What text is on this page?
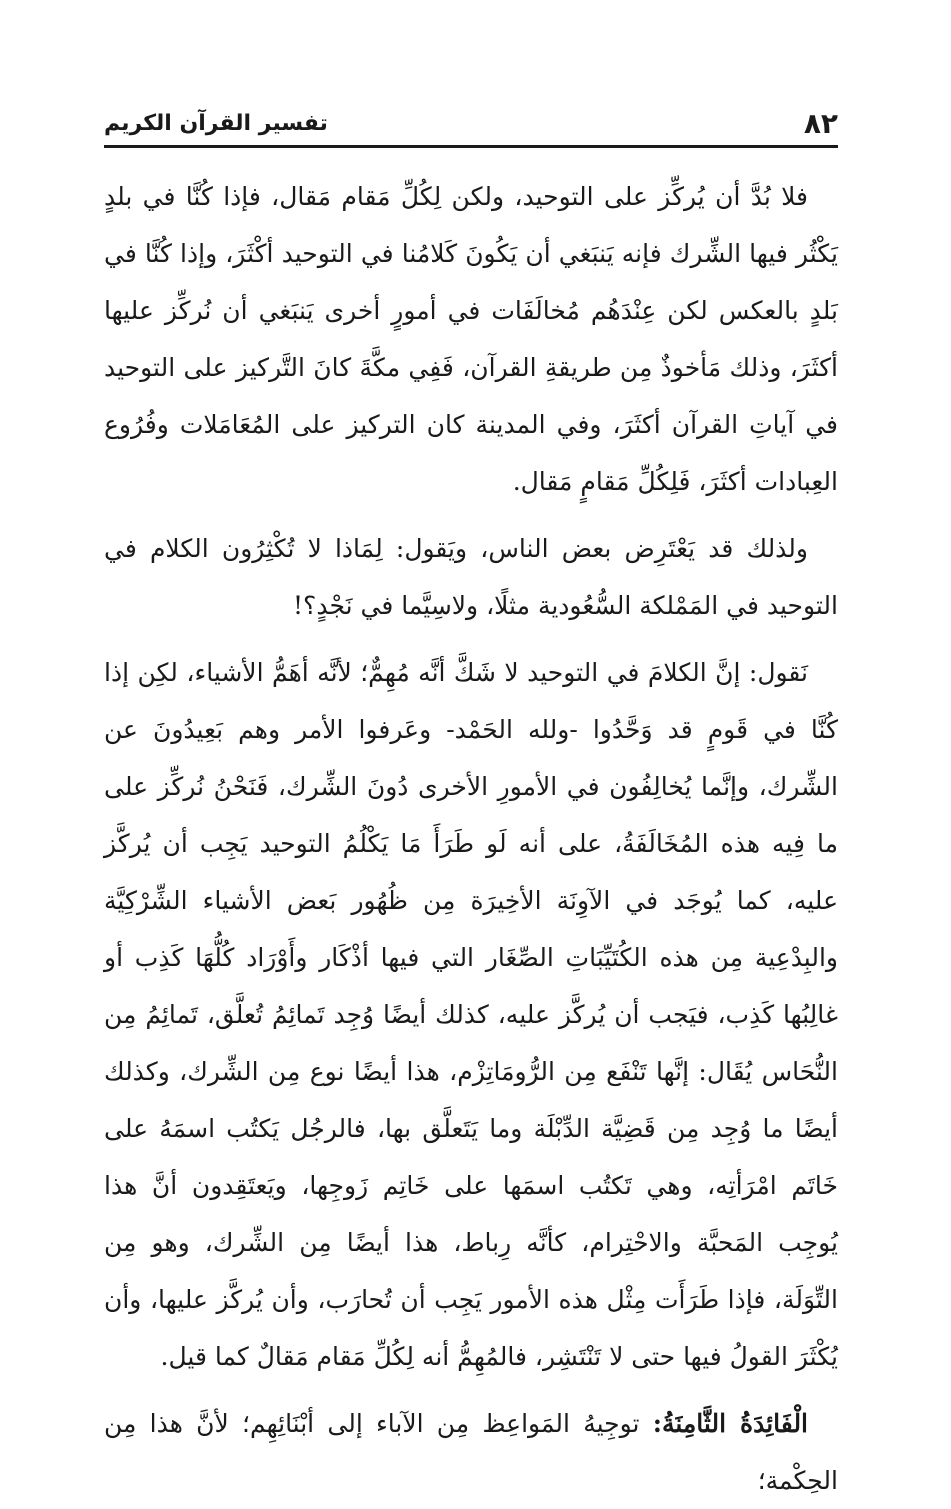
٨٢
تفسير القرآن الكريم

فلا بُدَّ أن يُركِّز على التوحيد، ولكن لِكُلِّ مَقام مَقال، فإذا كُنَّا في بلدٍ يَكْثُر فيها الشِّرك فإنه يَنبَغي أن يَكُونَ كَلامُنا في التوحيد أكْثَرَ، وإذا كُنَّا في بَلدٍ بالعكس لكن عِنْدَهُم مُخالَفَات في أمورٍ أخرى يَنبَغي أن نُركِّز عليها أكثَرَ، وذلك مَأخوذٌ مِن طريقةِ القرآن، فَفِي مكَّةَ كانَ التَّركيز على التوحيد في آياتِ القرآن أكثَرَ، وفي المدينة كان التركيز على المُعَامَلات وفُرُوع العِبادات أكثَرَ، فَلِكُلِّ مَقامٍ مَقال.

ولذلك قد يَعْتَرِض بعض الناس، ويَقول: لِمَاذا لا تُكْثِرُون الكلام في التوحيد في المَمْلكة السُّعُودية مثلًا، ولاسِيَّما في نَجْدٍ؟!

نَقول: إنَّ الكلامَ في التوحيد لا شَكَّ أنَّه مُهِمٌّ؛ لأنَّه أهَمُّ الأشياء، لكِن إذا كُنَّا في قَومٍ قد وَحَّدُوا -ولله الحَمْد- وعَرفوا الأمر وهم بَعِيدُونَ عن الشِّرك، وإنَّما يُخالِفُون في الأمورِ الأخرى دُونَ الشِّرك، فَنَحْنُ نُركِّز على ما فِيه هذه المُخَالَفَةُ، على أنه لَو طَرَأَ مَا يَكْلُمُ التوحيد يَجِب أن يُركَّز عليه، كما يُوجَد في الآوِنَة الأخِيرَة مِن ظُهُور بَعض الأشياء الشِّرْكِيَّة والبِدْعِية مِن هذه الكُتَيِّبَاتِ الصِّغَار التي فيها أذْكَار وأَوْرَاد كُلُّهَا كَذِب أو غالِبُها كَذِب، فيَجب أن يُركَّز عليه، كذلك أيضًا وُجِد تَمائِمُ تُعلَّق، تَمائِمُ مِن النُّحَاس يُقَال: إنَّها تَنْفَع مِن الرُّومَاتِزْم، هذا أيضًا نوع مِن الشِّرك، وكذلك أيضًا ما وُجِد مِن قَضِيَّة الدِّبْلَة وما يَتَعلَّق بها، فالرجُل يَكتُب اسمَهُ على خَاتَم امْرَأتِه، وهي تَكتُب اسمَها على خَاتِم زَوجِها، ويَعتَقِدون أنَّ هذا يُوجِب المَحبَّة والاحْتِرام، كأنَّه رِباط، هذا أيضًا مِن الشِّرك، وهو مِن التِّوَلَة، فإذا طَرَأَت مِثْل هذه الأمور يَجِب أن تُحارَب، وأن يُركَّز عليها، وأن يُكْثَرَ القولُ فيها حتى لا تَنْتَشِر، فالمُهِمُّ أنه لِكُلِّ مَقام مَقالٌ كما قيل.

الْفَائِدَةُ الثَّامِنَةُ: توجِيهُ المَواعِظ مِن الآباء إلى أبْنَائِهِم؛ لأنَّ هذا مِن الحِكْمة؛
